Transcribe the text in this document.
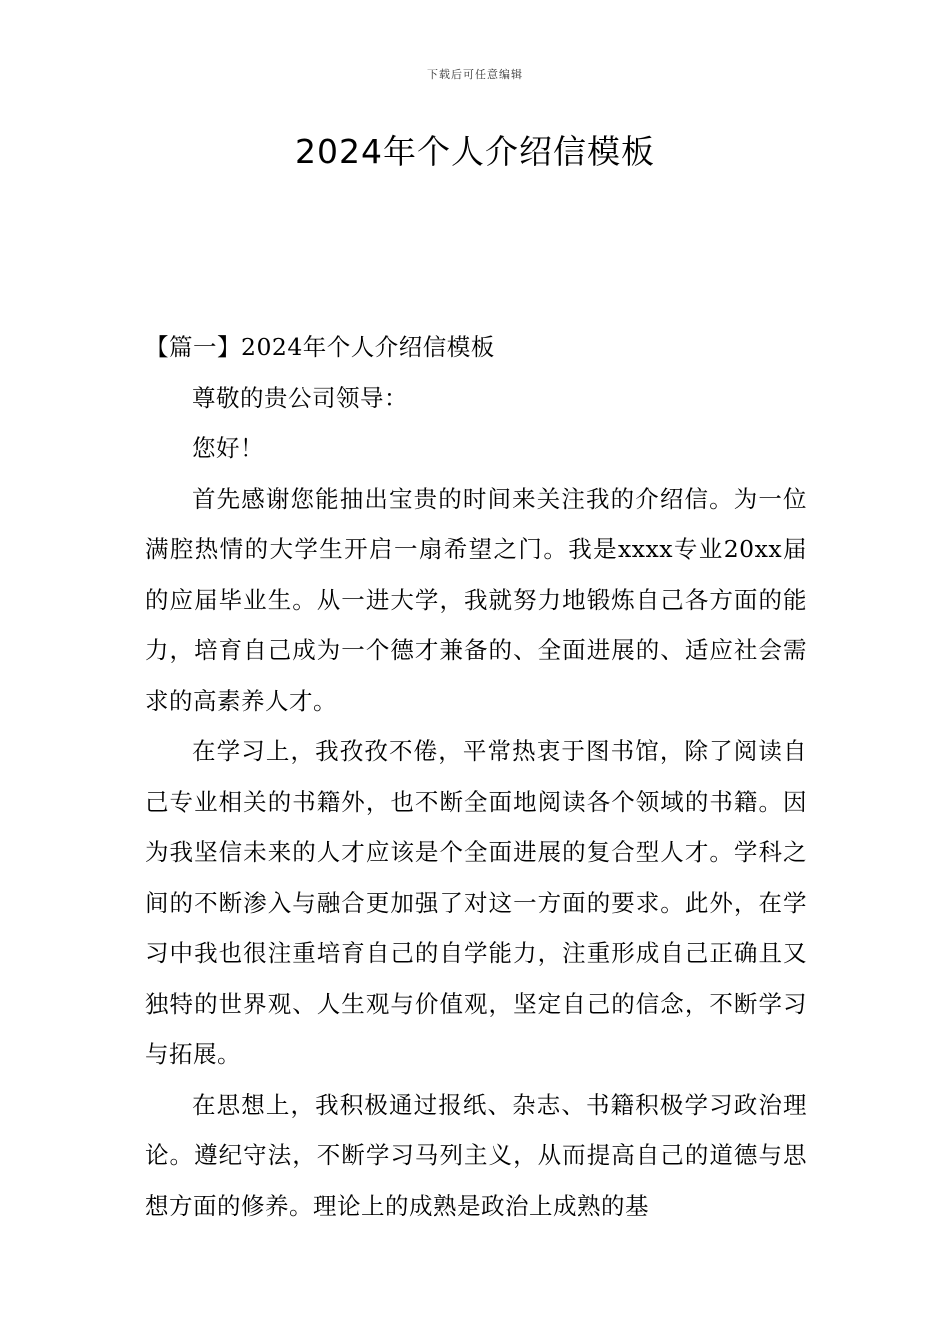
下载后可任意编辑
2024年个人介绍信模板

【篇一】2024年个人介绍信模板

尊敬的贵公司领导：

您好！

首先感谢您能抽出宝贵的时间来关注我的介绍信。为一位满腔热情的大学生开启一扇希望之门。我是xxxx专业20xx届的应届毕业生。从一进大学，我就努力地锻炼自己各方面的能力，培育自己成为一个德才兼备的、全面进展的、适应社会需求的高素养人才。

在学习上，我孜孜不倦，平常热衷于图书馆，除了阅读自己专业相关的书籍外，也不断全面地阅读各个领域的书籍。因为我坚信未来的人才应该是个全面进展的复合型人才。学科之间的不断渗入与融合更加强了对这一方面的要求。此外，在学习中我也很注重培育自己的自学能力，注重形成自己正确且又独特的世界观、人生观与价值观，坚定自己的信念，不断学习与拓展。

在思想上，我积极通过报纸、杂志、书籍积极学习政治理论。遵纪守法，不断学习马列主义，从而提高自己的道德与思想方面的修养。理论上的成熟是政治上成熟的基
